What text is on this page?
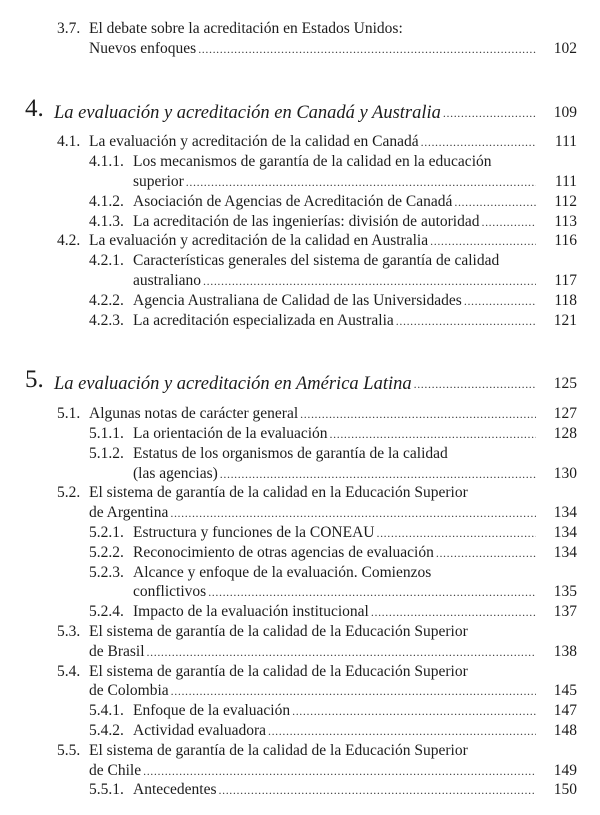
3.7. El debate sobre la acreditación en Estados Unidos:
Nuevos enfoques .....	102
4. La evaluación y acreditación en Canadá y Australia .....	109
4.1. La evaluación y acreditación de la calidad en Canadá .....	111
4.1.1. Los mecanismos de garantía de la calidad en la educación
superior .....	111
4.1.2. Asociación de Agencias de Acreditación de Canadá .....	112
4.1.3. La acreditación de las ingenierías: división de autoridad .....	113
4.2. La evaluación y acreditación de la calidad en Australia .....	116
4.2.1. Características generales del sistema de garantía de calidad
australiano .....	117
4.2.2. Agencia Australiana de Calidad de las Universidades .....	118
4.2.3. La acreditación especializada en Australia .....	121
5. La evaluación y acreditación en América Latina .....	125
5.1. Algunas notas de carácter general .....	127
5.1.1. La orientación de la evaluación .....	128
5.1.2. Estatus de los organismos de garantía de la calidad
(las agencias) .....	130
5.2. El sistema de garantía de la calidad en la Educación Superior
de Argentina .....	134
5.2.1. Estructura y funciones de la CONEAU .....	134
5.2.2. Reconocimiento de otras agencias de evaluación .....	134
5.2.3. Alcance y enfoque de la evaluación. Comienzos
conflictivos .....	135
5.2.4. Impacto de la evaluación institucional .....	137
5.3. El sistema de garantía de la calidad de la Educación Superior
de Brasil .....	138
5.4. El sistema de garantía de la calidad de la Educación Superior
de Colombia .....	145
5.4.1. Enfoque de la evaluación .....	147
5.4.2. Actividad evaluadora .....	148
5.5. El sistema de garantía de la calidad de la Educación Superior
de Chile .....	149
5.5.1. Antecedentes .....	150
